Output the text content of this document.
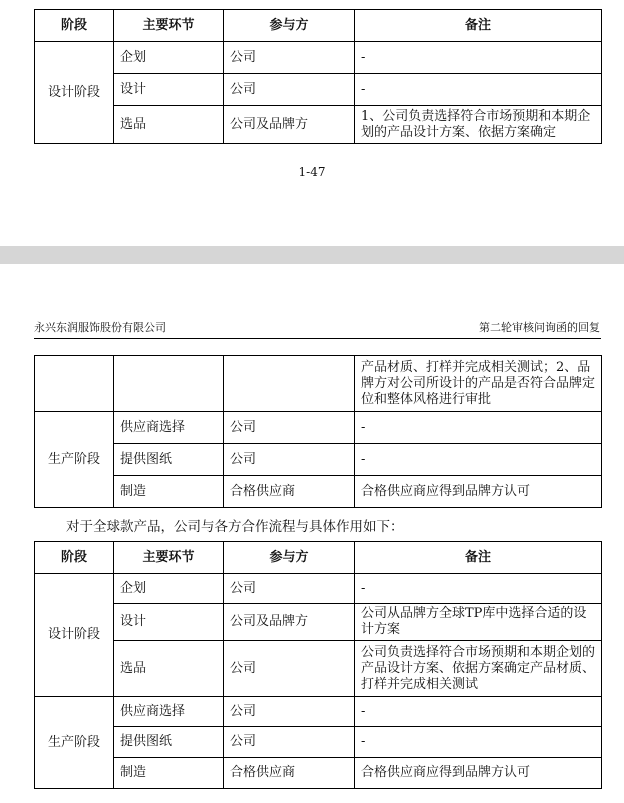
阶段	主要环节	参与方	备注
设计阶段	企划	公司	-
	设计	公司	-
	选品	公司及品牌方	1、公司负责选择符合市场预期和本期企划的产品设计方案、依据方案确定
1-47
永兴东润服饰股份有限公司	第二轮审核问询函的回复
			产品材质、打样并完成相关测试；2、品牌方对公司所设计的产品是否符合品牌定位和整体风格进行审批
生产阶段	供应商选择	公司	-
	提供图纸	公司	-
	制造	合格供应商	合格供应商应得到品牌方认可
对于全球款产品，公司与各方合作流程与具体作用如下：
阶段	主要环节	参与方	备注
设计阶段	企划	公司	-
	设计	公司及品牌方	公司从品牌方全球TP库中选择合适的设计方案
	选品	公司	公司负责选择符合市场预期和本期企划的产品设计方案、依据方案确定产品材质、打样并完成相关测试
生产阶段	供应商选择	公司	-
	提供图纸	公司	-
	制造	合格供应商	合格供应商应得到品牌方认可
